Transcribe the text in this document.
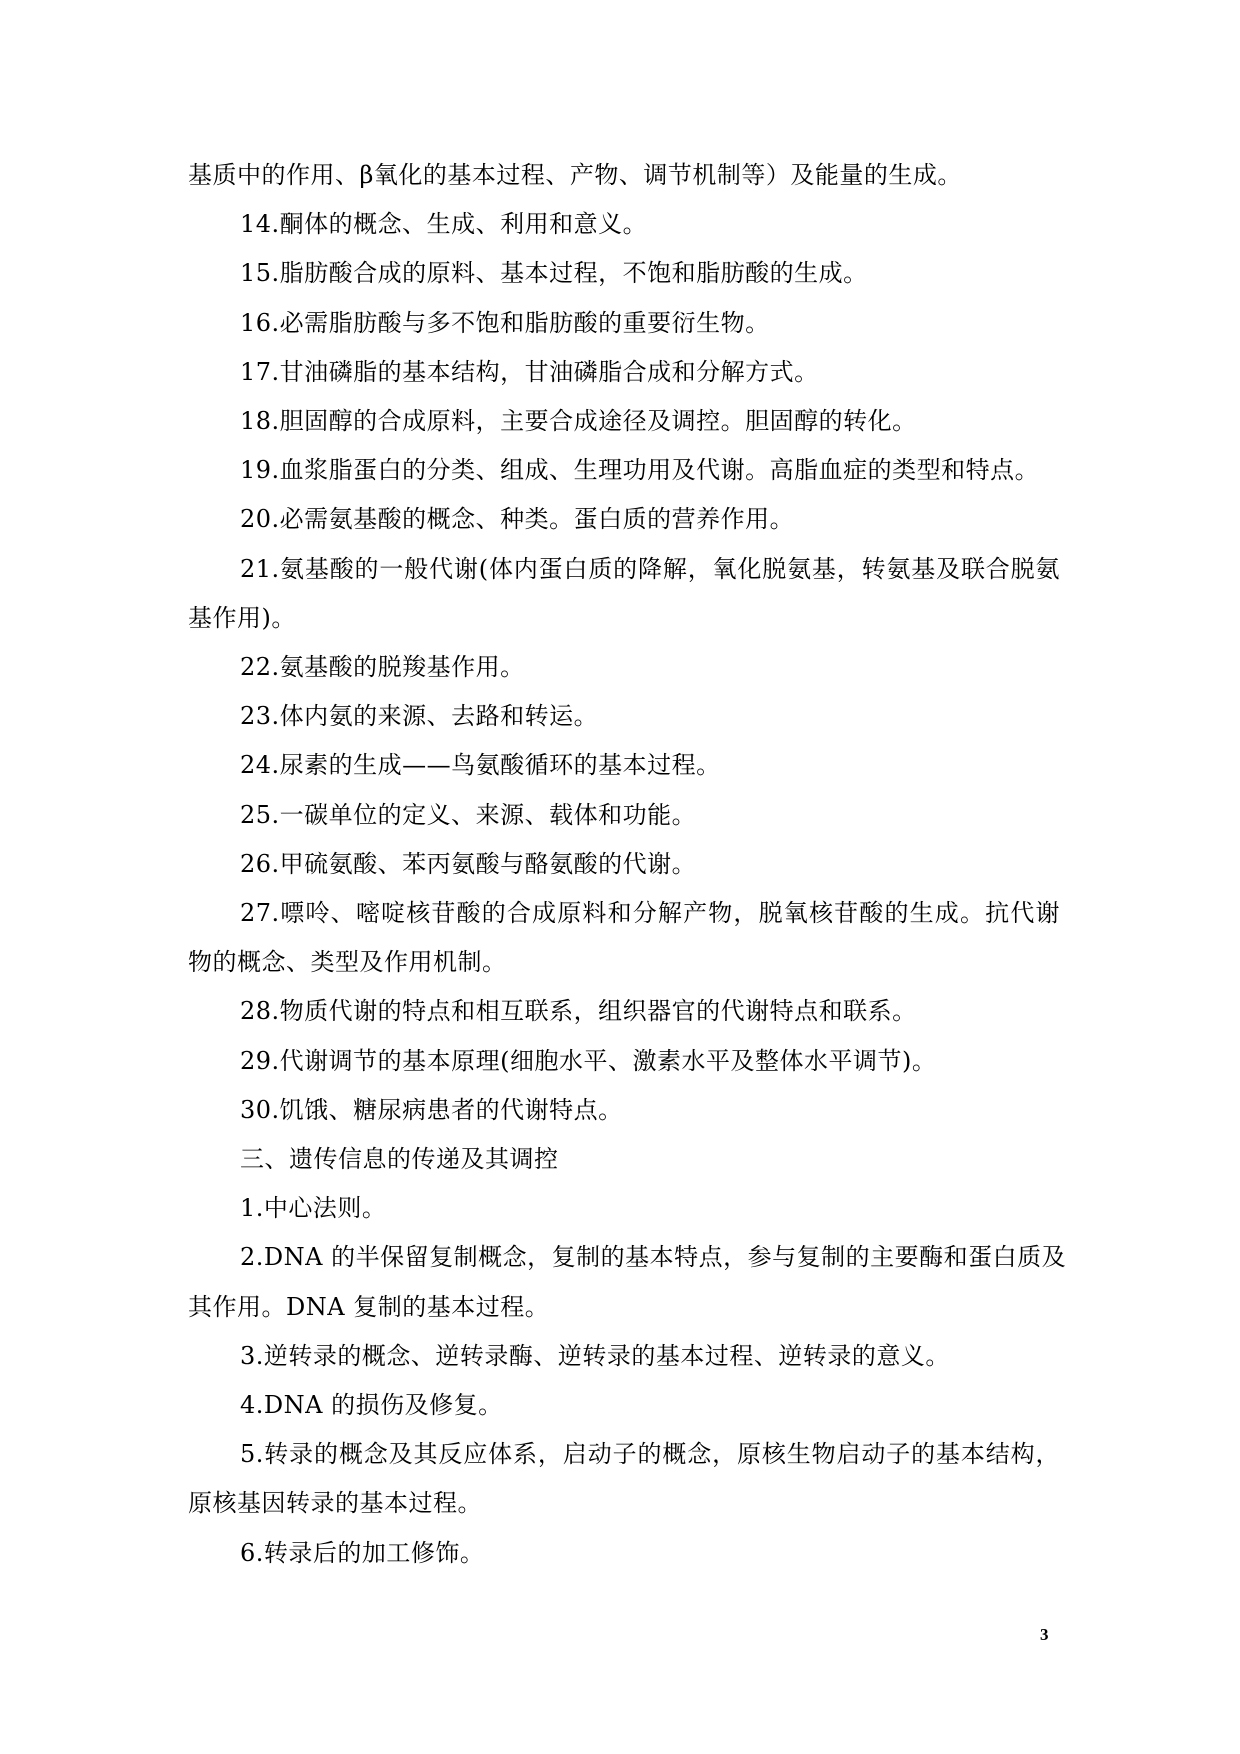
基质中的作用、β氧化的基本过程、产物、调节机制等）及能量的生成。
14.酮体的概念、生成、利用和意义。
15.脂肪酸合成的原料、基本过程，不饱和脂肪酸的生成。
16.必需脂肪酸与多不饱和脂肪酸的重要衍生物。
17.甘油磷脂的基本结构，甘油磷脂合成和分解方式。
18.胆固醇的合成原料，主要合成途径及调控。胆固醇的转化。
19.血浆脂蛋白的分类、组成、生理功用及代谢。高脂血症的类型和特点。
20.必需氨基酸的概念、种类。蛋白质的营养作用。
21.氨基酸的一般代谢(体内蛋白质的降解，氧化脱氨基，转氨基及联合脱氨
基作用)。
22.氨基酸的脱羧基作用。
23.体内氨的来源、去路和转运。
24.尿素的生成——鸟氨酸循环的基本过程。
25.一碳单位的定义、来源、载体和功能。
26.甲硫氨酸、苯丙氨酸与酪氨酸的代谢。
27.嘌呤、嘧啶核苷酸的合成原料和分解产物，脱氧核苷酸的生成。抗代谢
物的概念、类型及作用机制。
28.物质代谢的特点和相互联系，组织器官的代谢特点和联系。
29.代谢调节的基本原理(细胞水平、激素水平及整体水平调节)。
30.饥饿、糖尿病患者的代谢特点。
三、遗传信息的传递及其调控
1.中心法则。
2.DNA 的半保留复制概念，复制的基本特点，参与复制的主要酶和蛋白质及
其作用。DNA 复制的基本过程。
3.逆转录的概念、逆转录酶、逆转录的基本过程、逆转录的意义。
4.DNA 的损伤及修复。
5.转录的概念及其反应体系，启动子的概念，原核生物启动子的基本结构，
原核基因转录的基本过程。
6.转录后的加工修饰。
3
